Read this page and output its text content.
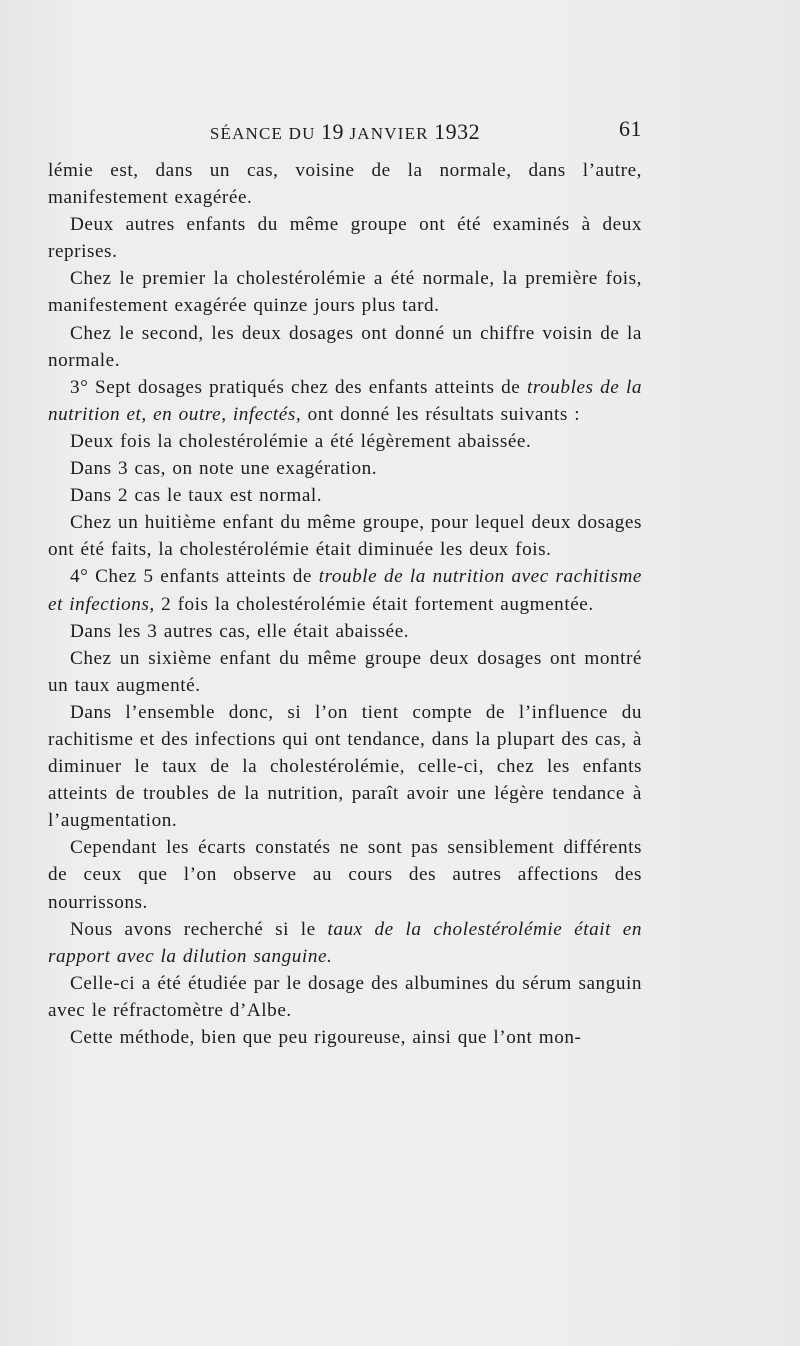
SÉANCE DU 19 JANVIER 1932	61

lémie est, dans un cas, voisine de la normale, dans l’autre, manifestement exagérée.

Deux autres enfants du même groupe ont été examinés à deux reprises.

Chez le premier la cholestérolémie a été normale, la première fois, manifestement exagérée quinze jours plus tard.

Chez le second, les deux dosages ont donné un chiffre voisin de la normale.

3° Sept dosages pratiqués chez des enfants atteints de troubles de la nutrition et, en outre, infectés, ont donné les résultats suivants :

Deux fois la cholestérolémie a été légèrement abaissée.

Dans 3 cas, on note une exagération.

Dans 2 cas le taux est normal.

Chez un huitième enfant du même groupe, pour lequel deux dosages ont été faits, la cholestérolémie était diminuée les deux fois.

4° Chez 5 enfants atteints de trouble de la nutrition avec rachitisme et infections, 2 fois la cholestérolémie était fortement augmentée.

Dans les 3 autres cas, elle était abaissée.

Chez un sixième enfant du même groupe deux dosages ont montré un taux augmenté.

Dans l’ensemble donc, si l’on tient compte de l’influence du rachitisme et des infections qui ont tendance, dans la plupart des cas, à diminuer le taux de la cholestérolémie, celle-ci, chez les enfants atteints de troubles de la nutrition, paraît avoir une légère tendance à l’augmentation.

Cependant les écarts constatés ne sont pas sensiblement différents de ceux que l’on observe au cours des autres affections des nourrissons.

Nous avons recherché si le taux de la cholestérolémie était en rapport avec la dilution sanguine.

Celle-ci a été étudiée par le dosage des albumines du sérum sanguin avec le réfractomètre d’Albe.

Cette méthode, bien que peu rigoureuse, ainsi que l’ont mon-
